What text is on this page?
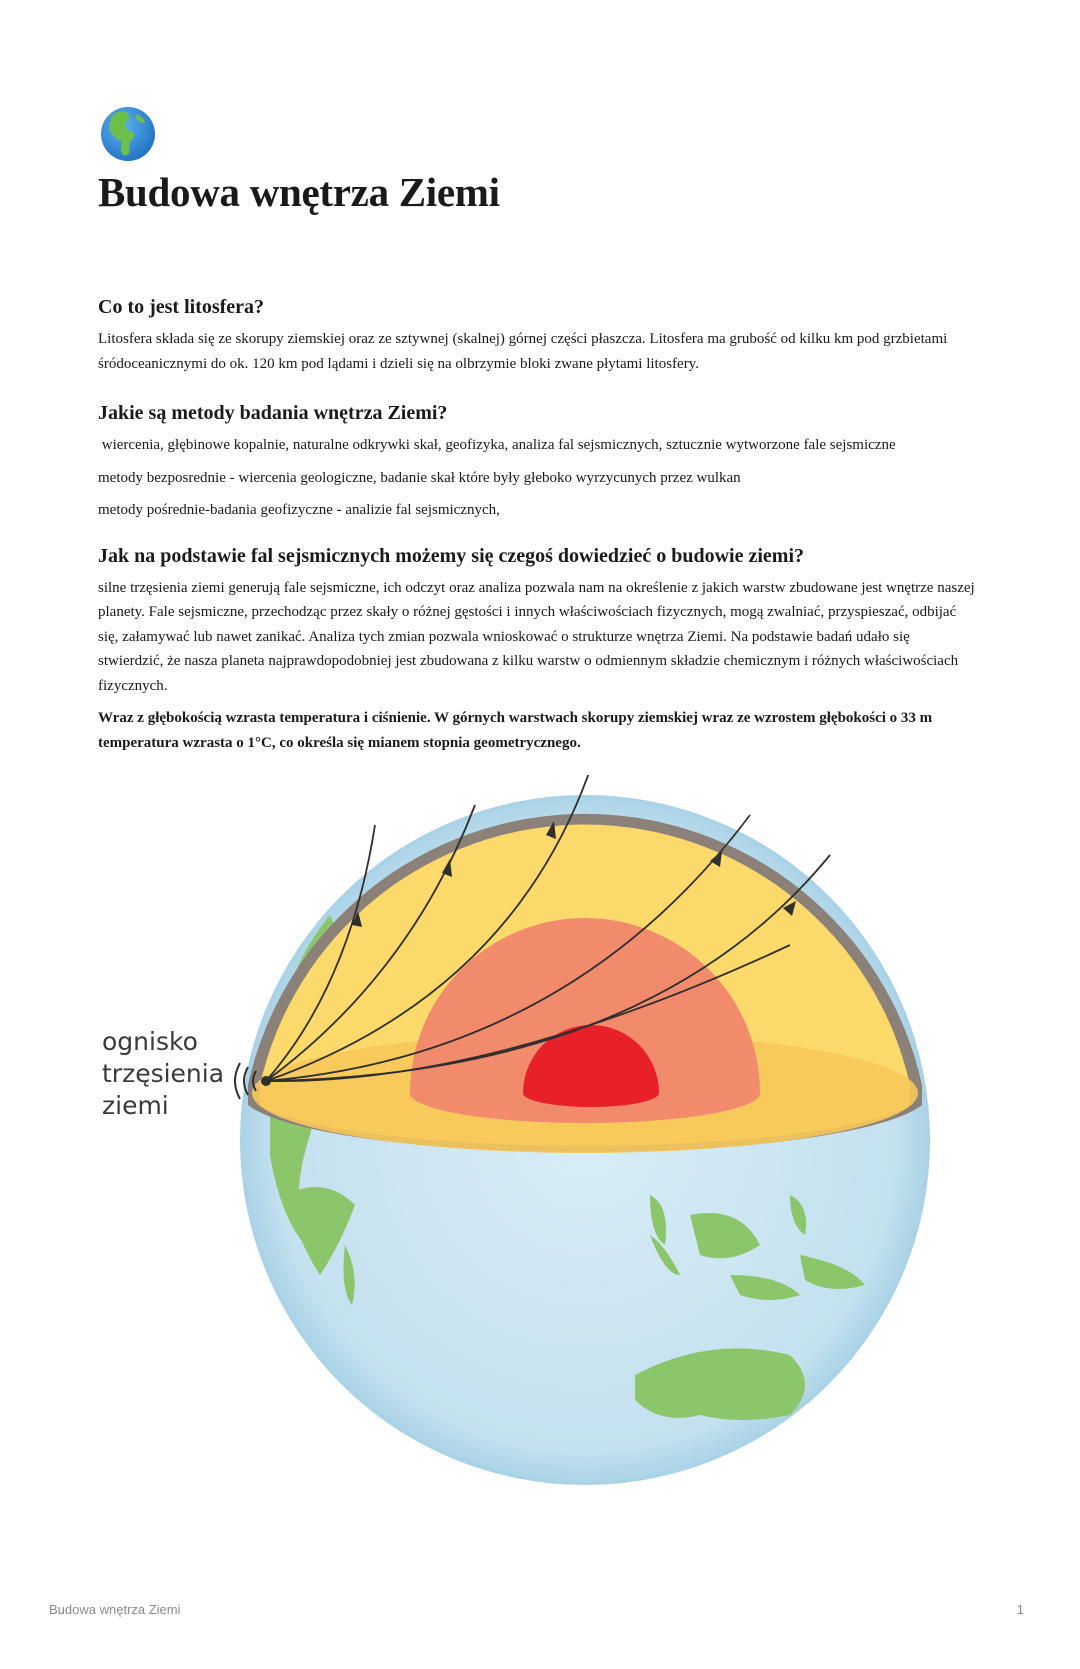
Budowa wnętrza Ziemi
Co to jest litosfera?

Litosfera składa się ze skorupy ziemskiej oraz ze sztywnej (skalnej) górnej części płaszcza. Litosfera ma grubość od kilku km pod grzbietami śródoceanicznymi do ok. 120 km pod lądami i dzieli się na olbrzymie bloki zwane płytami litosfery.

Jakie są metody badania wnętrza Ziemi?

wiercenia, głębinowe kopalnie, naturalne odkrywki skał, geofizyka, analiza fal sejsmicznych, sztucznie wytworzone fale sejsmiczne

metody bezposrednie - wiercenia geologiczne, badanie skał które były głeboko wyrzycunych przez wulkan

metody pośrednie-badania geofizyczne - analizie fal sejsmicznych,

Jak na podstawie fal sejsmicznych możemy się czegoś dowiedzieć o budowie ziemi?

silne trzęsienia ziemi generują fale sejsmiczne, ich odczyt oraz analiza pozwala nam na określenie z jakich warstw zbudowane jest wnętrze naszej planety. Fale sejsmiczne, przechodząc przez skały o różnej gęstości i innych właściwościach fizycznych, mogą zwalniać, przyspieszać, odbijać się, załamywać lub nawet zanikać. Analiza tych zmian pozwala wnioskować o strukturze wnętrza Ziemi. Na podstawie badań udało się stwierdzić, że nasza planeta najprawdopodobniej jest zbudowana z kilku warstw o odmiennym składzie chemicznym i różnych właściwościach fizycznych.

Wraz z głębokością wzrasta temperatura i ciśnienie. W górnych warstwach skorupy ziemskiej wraz ze wzrostem głębokości o 33 m temperatura wzrasta o 1°C, co określa się mianem stopnia geometrycznego.

ognisko
trzęsienia
ziemi
Budowa wnętrza Ziemi	1
